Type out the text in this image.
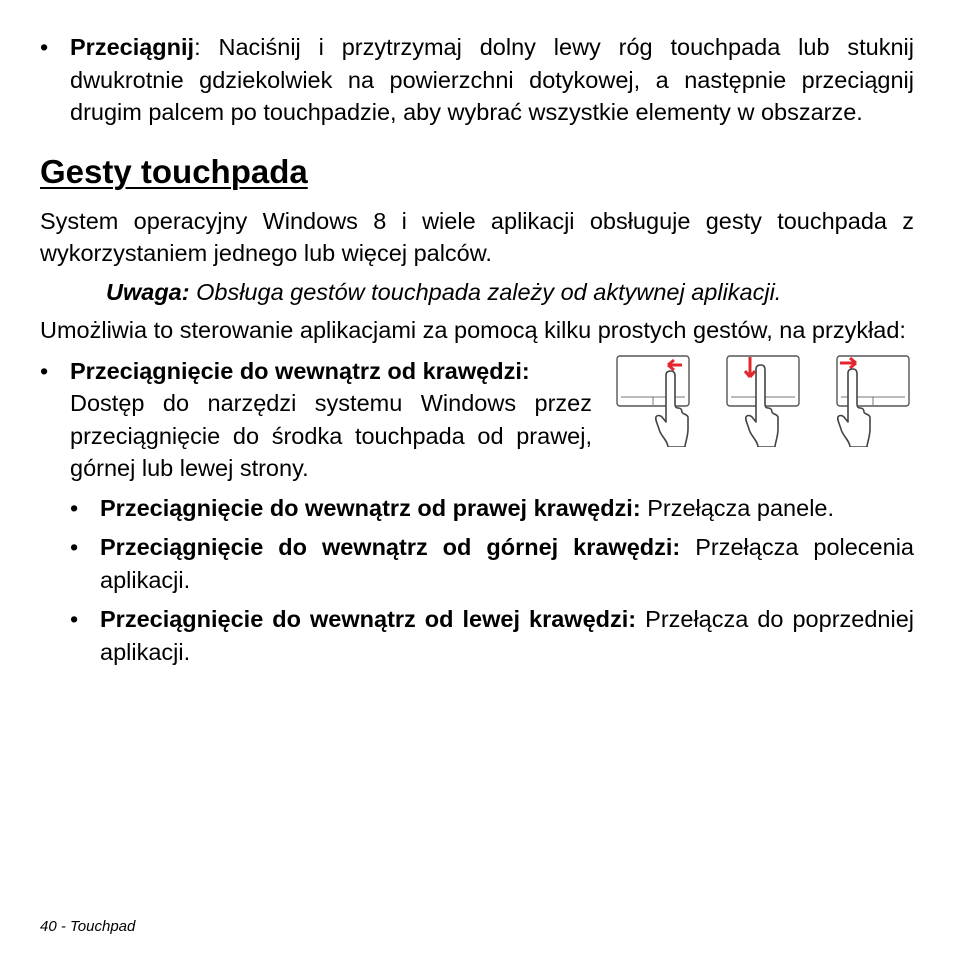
• Przeciągnij: Naciśnij i przytrzymaj dolny lewy róg touchpada lub stuknij dwukrotnie gdziekolwiek na powierzchni dotykowej, a następnie przeciągnij drugim palcem po touchpadzie, aby wybrać wszystkie elementy w obszarze.

Gesty touchpada

System operacyjny Windows 8 i wiele aplikacji obsługuje gesty touchpada z wykorzystaniem jednego lub więcej palców.

Uwaga: Obsługa gestów touchpada zależy od aktywnej aplikacji.

Umożliwia to sterowanie aplikacjami za pomocą kilku prostych gestów, na przykład:

• Przeciągnięcie do wewnątrz od krawędzi:
Dostęp do narzędzi systemu Windows przez przeciągnięcie do środka touchpada od prawej, górnej lub lewej strony.

• Przeciągnięcie do wewnątrz od prawej krawędzi: Przełącza panele.

• Przeciągnięcie do wewnątrz od górnej krawędzi: Przełącza polecenia aplikacji.

• Przeciągnięcie do wewnątrz od lewej krawędzi: Przełącza do poprzedniej aplikacji.

40 - Touchpad
